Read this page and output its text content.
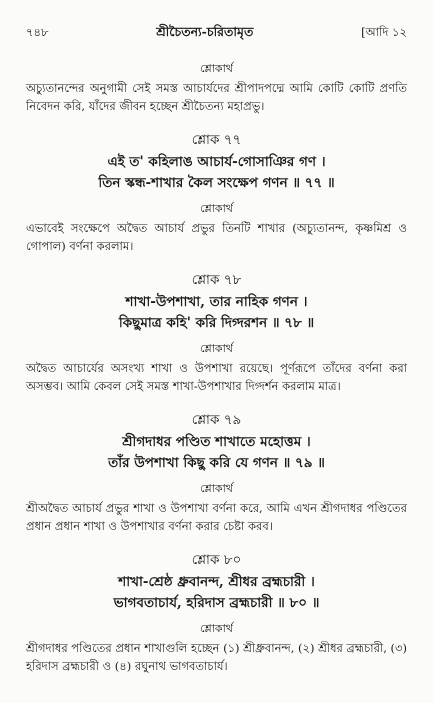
৭৪৮	শ্রীচৈতন্য-চরিতামৃত	[আদি ১২

শ্লোকার্থ

অচ্যুতানন্দের অনুগামী সেই সমস্ত আচার্যদের শ্রীপাদপদ্মে আমি কোটি কোটি প্রণতি নিবেদন করি, যাঁদের জীবন হচ্ছেন শ্রীচৈতন্য মহাপ্রভু।

শ্লোক ৭৭

এই ত' কহিলাঙ আচার্য-গোসাঞির গণ ।

তিন স্কন্ধ-শাখার কৈল সংক্ষেপ গণন ॥ ৭৭ ॥

শ্লোকার্থ

এভাবেই সংক্ষেপে অদ্বৈত আচার্য প্রভুর তিনটি শাখার (অচ্যুতানন্দ, কৃষ্ণমিশ্র ও গোপাল) বর্ণনা করলাম।

শ্লোক ৭৮

শাখা-উপশাখা, তার নাহিক গণন ।

কিছুমাত্র কহি' করি দিগ্দরশন ॥ ৭৮ ॥

শ্লোকার্থ

অদ্বৈত আচার্যের অসংখ্য শাখা ও উপশাখা রয়েছে। পূর্ণরূপে তাঁদের বর্ণনা করা অসম্ভব। আমি কেবল সেই সমস্ত শাখা-উপশাখার দিগ্দর্শন করলাম মাত্র।

শ্লোক ৭৯

শ্রীগদাধর পণ্ডিত শাখাতে মহোত্তম ।

তাঁর উপশাখা কিছু করি যে গণন ॥ ৭৯ ॥

শ্লোকার্থ

শ্রীঅদ্বৈত আচার্য প্রভুর শাখা ও উপশাখা বর্ণনা করে, আমি এখন শ্রীগদাধর পণ্ডিতের প্রধান প্রধান শাখা ও উপশাখার বর্ণনা করার চেষ্টা করব।

শ্লোক ৮০

শাখা-শ্রেষ্ঠ ধ্রুবানন্দ, শ্রীধর ব্রহ্মচারী ।

ভাগবতাচার্য, হরিদাস ব্রহ্মচারী ॥ ৮০ ॥

শ্লোকার্থ

শ্রীগদাধর পণ্ডিতের প্রধান শাখাগুলি হচ্ছেন (১) শ্রীধ্রুবানন্দ, (২) শ্রীধর ব্রহ্মচারী, (৩) হরিদাস ব্রহ্মচারী ও (৪) রঘুনাথ ভাগবতাচার্য।
